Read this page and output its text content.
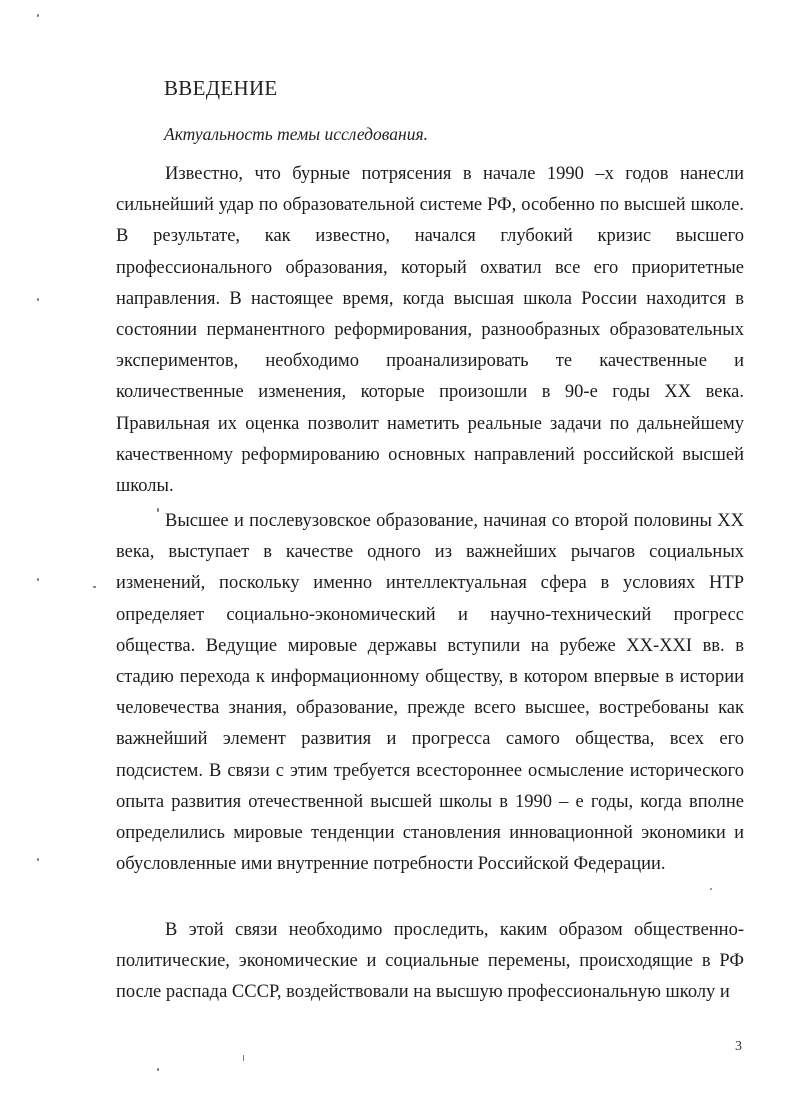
ВВЕДЕНИЕ
Актуальность темы исследования.

Известно, что бурные потрясения в начале 1990 –х годов нанесли сильнейший удар по образовательной системе РФ, особенно по высшей школе. В результате, как известно, начался глубокий кризис высшего профессионального образования, который охватил все его приоритетные направления. В настоящее время, когда высшая школа России находится в состоянии перманентного реформирования, разнообразных образовательных экспериментов, необходимо проанализировать те качественные и количественные изменения, которые произошли в 90-е годы XX века. Правильная их оценка позволит наметить реальные задачи по дальнейшему качественному реформированию основных направлений российской высшей школы.

Высшее и послевузовское образование, начиная со второй половины XX века, выступает в качестве одного из важнейших рычагов социальных изменений, поскольку именно интеллектуальная сфера в условиях НТР определяет социально-экономический и научно-технический прогресс общества. Ведущие мировые державы вступили на рубеже XX-XXI вв. в стадию перехода к информационному обществу, в котором впервые в истории человечества знания, образование, прежде всего высшее, востребованы как важнейший элемент развития и прогресса самого общества, всех его подсистем. В связи с этим требуется всестороннее осмысление исторического опыта развития отечественной высшей школы в 1990 – е годы, когда вполне определились мировые тенденции становления инновационной экономики и обусловленные ими внутренние потребности Российской Федерации.

В этой связи необходимо проследить, каким образом общественно-политические, экономические и социальные перемены, происходящие в РФ после распада СССР, воздействовали на высшую профессиональную школу и

3
